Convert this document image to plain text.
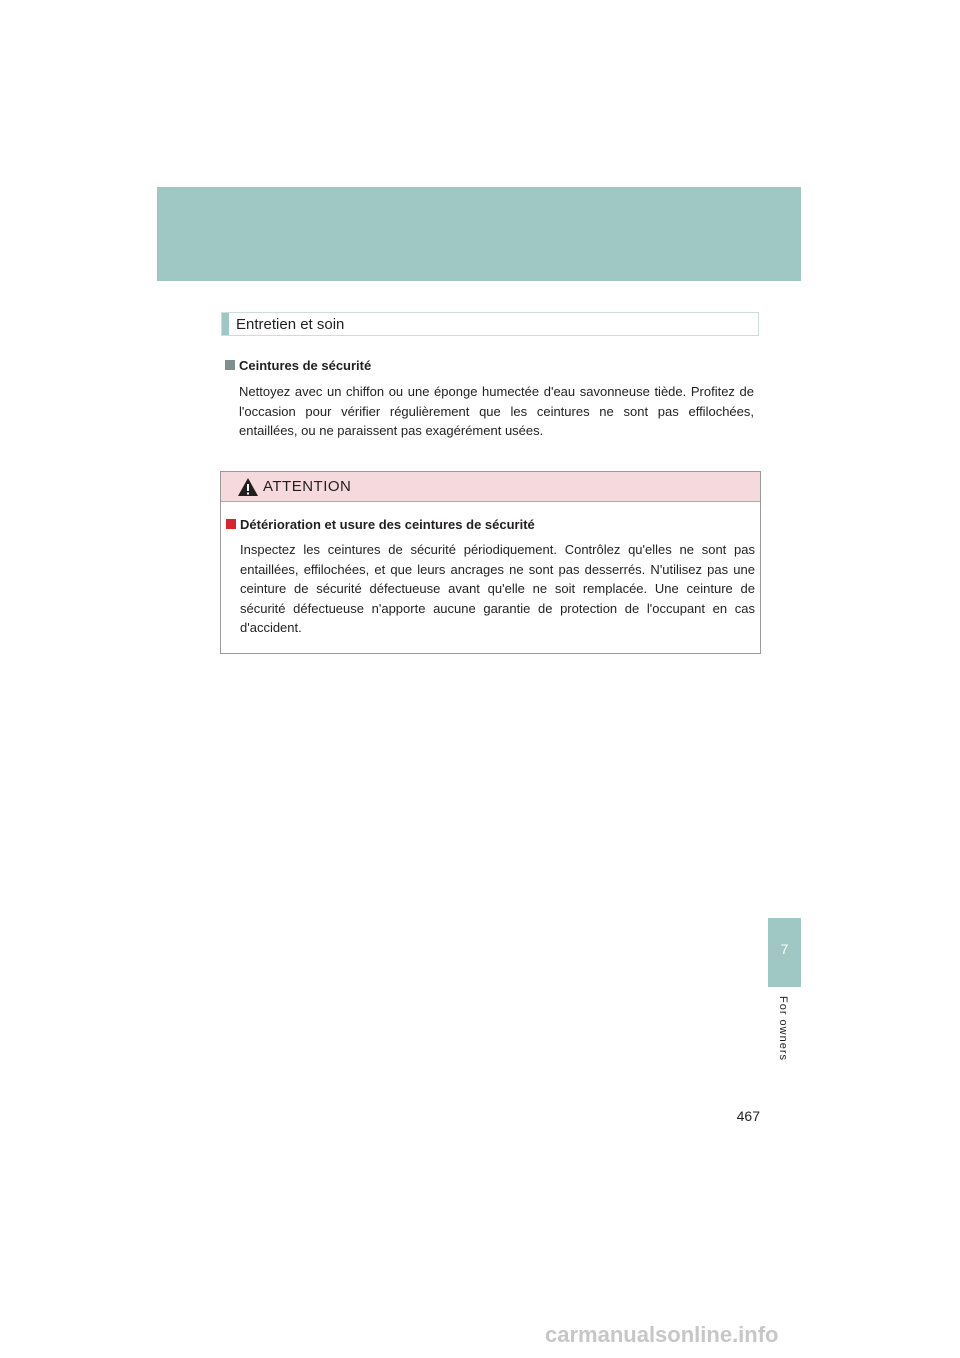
Entretien et soin
Ceintures de sécurité
Nettoyez avec un chiffon ou une éponge humectée d'eau savonneuse tiède. Profitez de l'occasion pour vérifier régulièrement que les ceintures ne sont pas effilochées, entaillées, ou ne paraissent pas exagérément usées.
ATTENTION
Détérioration et usure des ceintures de sécurité
Inspectez les ceintures de sécurité périodiquement. Contrôlez qu'elles ne sont pas entaillées, effilochées, et que leurs ancrages ne sont pas desserrés. N'utilisez pas une ceinture de sécurité défectueuse avant qu'elle ne soit remplacée. Une ceinture de sécurité défectueuse n'apporte aucune garantie de protection de l'occupant en cas d'accident.
7
For owners
467
carmanualsonline.info
